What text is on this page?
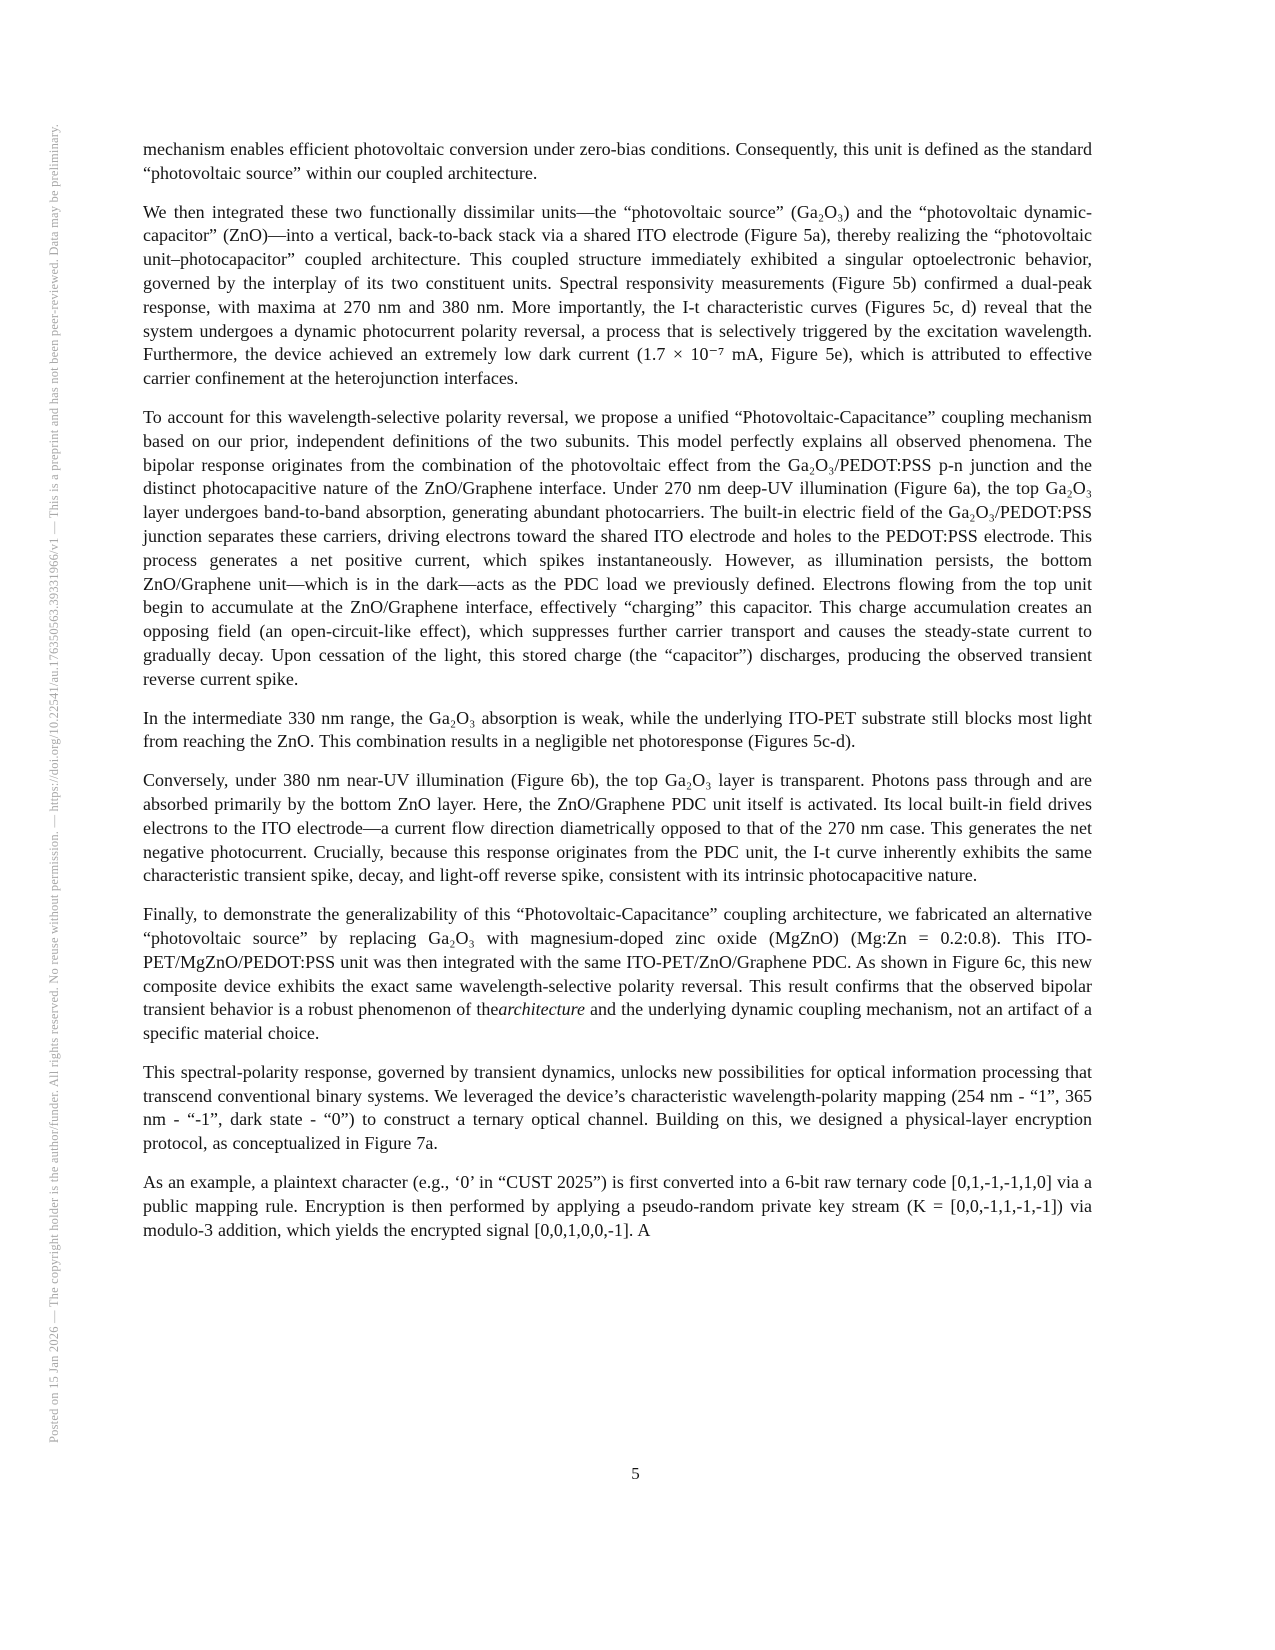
Posted on 15 Jan 2026 — The copyright holder is the author/funder. All rights reserved. No reuse without permission. — https://doi.org/10.22541/au.176350563.39331966/v1 — This is a preprint and has not been peer-reviewed. Data may be preliminary.	mechanism enables efficient photovoltaic conversion under zero-bias conditions. Consequently, this unit is defined as the standard “photovoltaic source” within our coupled architecture.

We then integrated these two functionally dissimilar units—the “photovoltaic source” (Ga₂O₃) and the “photovoltaic dynamic-capacitor” (ZnO)—into a vertical, back-to-back stack via a shared ITO electrode (Figure 5a), thereby realizing the “photovoltaic unit–photocapacitor” coupled architecture. This coupled structure immediately exhibited a singular optoelectronic behavior, governed by the interplay of its two constituent units. Spectral responsivity measurements (Figure 5b) confirmed a dual-peak response, with maxima at 270 nm and 380 nm. More importantly, the I-t characteristic curves (Figures 5c, d) reveal that the system undergoes a dynamic photocurrent polarity reversal, a process that is selectively triggered by the excitation wavelength. Furthermore, the device achieved an extremely low dark current (1.7 × 10⁻⁷ mA, Figure 5e), which is attributed to effective carrier confinement at the heterojunction interfaces.

To account for this wavelength-selective polarity reversal, we propose a unified “Photovoltaic-Capacitance” coupling mechanism based on our prior, independent definitions of the two subunits. This model perfectly explains all observed phenomena. The bipolar response originates from the combination of the photovoltaic effect from the Ga₂O₃/PEDOT:PSS p-n junction and the distinct photocapacitive nature of the ZnO/Graphene interface. Under 270 nm deep-UV illumination (Figure 6a), the top Ga₂O₃ layer undergoes band-to-band absorption, generating abundant photocarriers. The built-in electric field of the Ga₂O₃/PEDOT:PSS junction separates these carriers, driving electrons toward the shared ITO electrode and holes to the PEDOT:PSS electrode. This process generates a net positive current, which spikes instantaneously. However, as illumination persists, the bottom ZnO/Graphene unit—which is in the dark—acts as the PDC load we previously defined. Electrons flowing from the top unit begin to accumulate at the ZnO/Graphene interface, effectively “charging” this capacitor. This charge accumulation creates an opposing field (an open-circuit-like effect), which suppresses further carrier transport and causes the steady-state current to gradually decay. Upon cessation of the light, this stored charge (the “capacitor”) discharges, producing the observed transient reverse current spike.

In the intermediate 330 nm range, the Ga₂O₃ absorption is weak, while the underlying ITO-PET substrate still blocks most light from reaching the ZnO. This combination results in a negligible net photoresponse (Figures 5c-d).

Conversely, under 380 nm near-UV illumination (Figure 6b), the top Ga₂O₃ layer is transparent. Photons pass through and are absorbed primarily by the bottom ZnO layer. Here, the ZnO/Graphene PDC unit itself is activated. Its local built-in field drives electrons to the ITO electrode—a current flow direction diametrically opposed to that of the 270 nm case. This generates the net negative photocurrent. Crucially, because this response originates from the PDC unit, the I-t curve inherently exhibits the same characteristic transient spike, decay, and light-off reverse spike, consistent with its intrinsic photocapacitive nature.

Finally, to demonstrate the generalizability of this “Photovoltaic-Capacitance” coupling architecture, we fabricated an alternative “photovoltaic source” by replacing Ga₂O₃ with magnesium-doped zinc oxide (MgZnO) (Mg:Zn = 0.2:0.8). This ITO-PET/MgZnO/PEDOT:PSS unit was then integrated with the same ITO-PET/ZnO/Graphene PDC. As shown in Figure 6c, this new composite device exhibits the exact same wavelength-selective polarity reversal. This result confirms that the observed bipolar transient behavior is a robust phenomenon of thearchitecture and the underlying dynamic coupling mechanism, not an artifact of a specific material choice.

This spectral-polarity response, governed by transient dynamics, unlocks new possibilities for optical information processing that transcend conventional binary systems. We leveraged the device’s characteristic wavelength-polarity mapping (254 nm - “1”, 365 nm - “-1”, dark state - “0”) to construct a ternary optical channel. Building on this, we designed a physical-layer encryption protocol, as conceptualized in Figure 7a.

As an example, a plaintext character (e.g., ‘0’ in “CUST 2025”) is first converted into a 6-bit raw ternary code [0,1,-1,-1,1,0] via a public mapping rule. Encryption is then performed by applying a pseudo-random private key stream (K = [0,0,-1,1,-1,-1]) via modulo-3 addition, which yields the encrypted signal [0,0,1,0,0,-1]. A

5
